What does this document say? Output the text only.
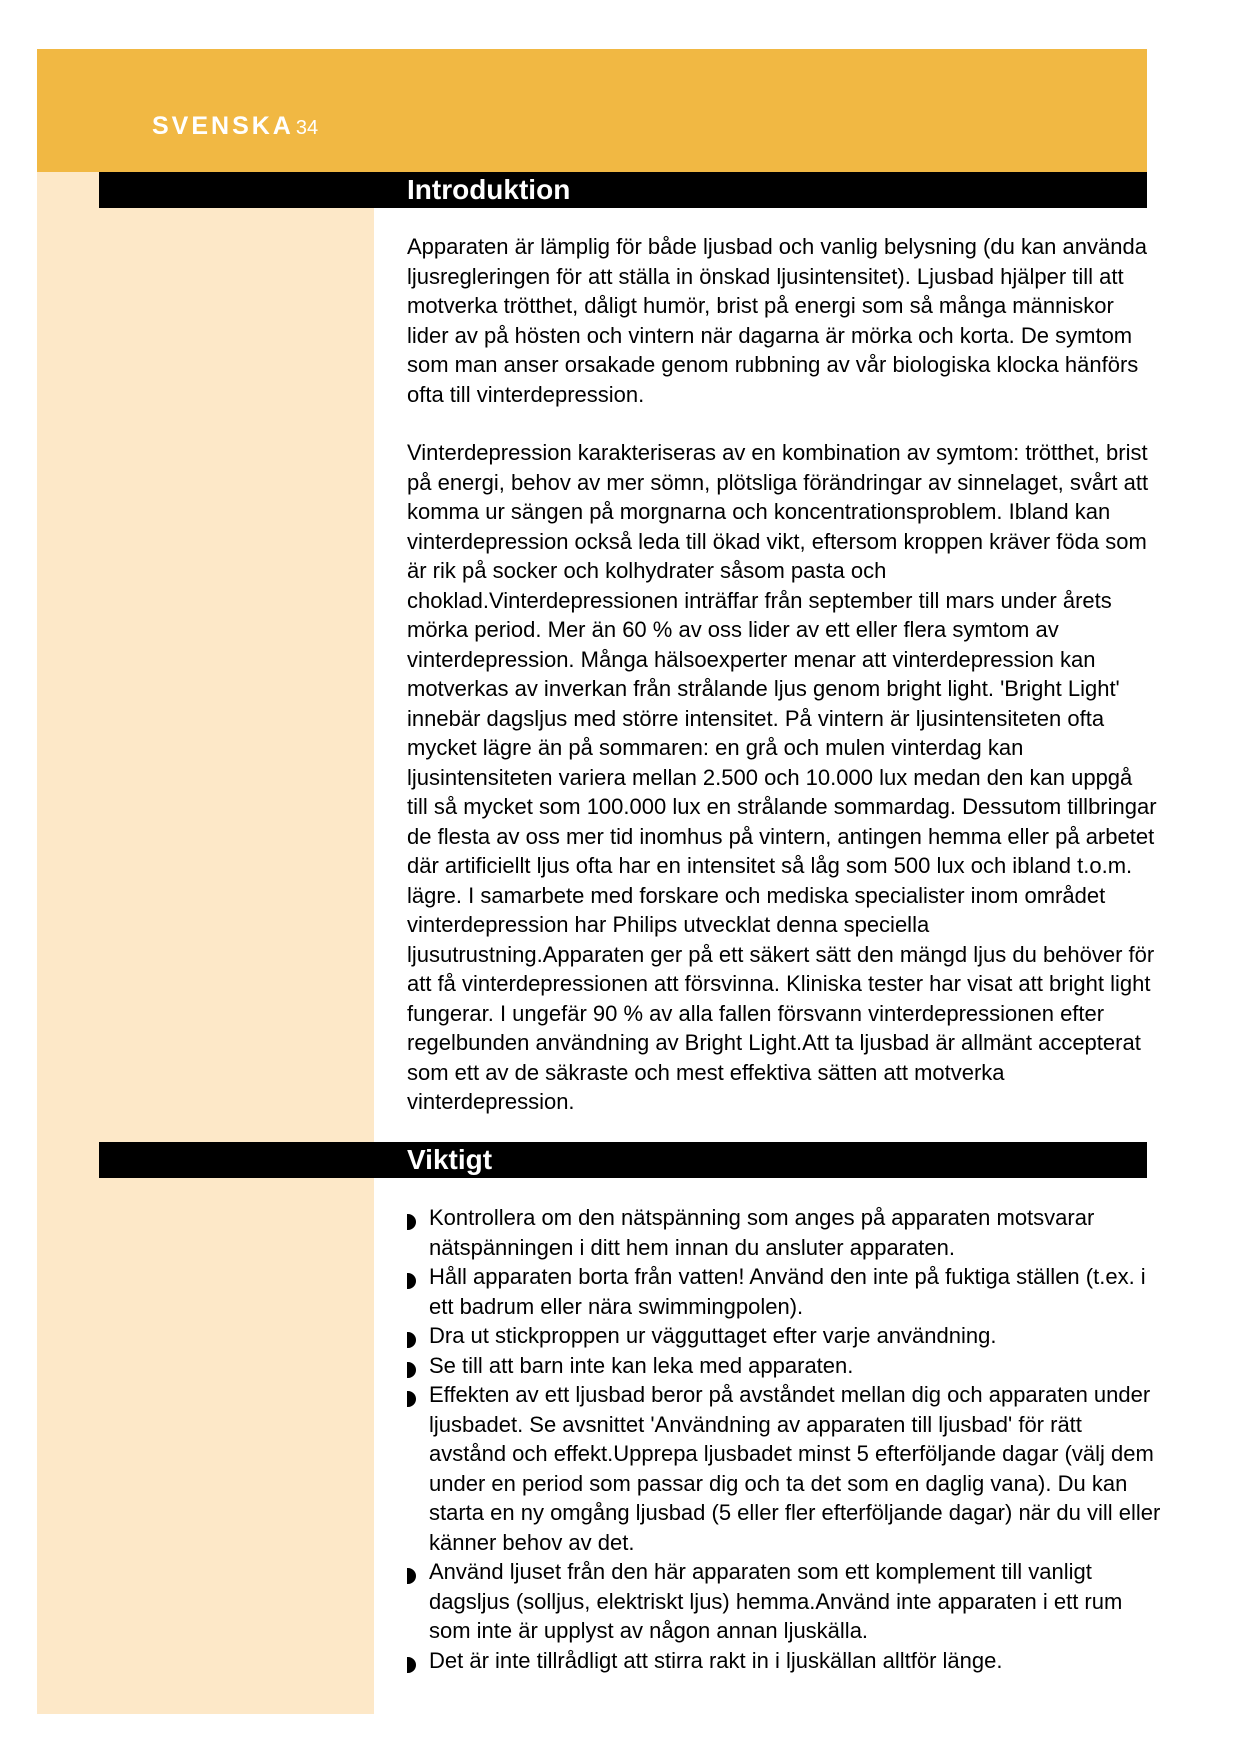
SVENSKA 34
Introduktion

Apparaten är lämplig för både ljusbad och vanlig belysning (du kan använda ljusregleringen för att ställa in önskad ljusintensitet). Ljusbad hjälper till att motverka trötthet, dåligt humör, brist på energi som så många människor lider av på hösten och vintern när dagarna är mörka och korta. De symtom som man anser orsakade genom rubbning av vår biologiska klocka hänförs ofta till vinterdepression.

Vinterdepression karakteriseras av en kombination av symtom: trötthet, brist på energi, behov av mer sömn, plötsliga förändringar av sinnelaget, svårt att komma ur sängen på morgnarna och koncentrationsproblem. Ibland kan vinterdepression också leda till ökad vikt, eftersom kroppen kräver föda som är rik på socker och kolhydrater såsom pasta och choklad.Vinterdepressionen inträffar från september till mars under årets mörka period. Mer än 60 % av oss lider av ett eller flera symtom av vinterdepression. Många hälsoexperter menar att vinterdepression kan motverkas av inverkan från strålande ljus genom bright light. 'Bright Light' innebär dagsljus med större intensitet. På vintern är ljusintensiteten ofta mycket lägre än på sommaren: en grå och mulen vinterdag kan ljusintensiteten variera mellan 2.500 och 10.000 lux medan den kan uppgå till så mycket som 100.000 lux en strålande sommardag. Dessutom tillbringar de flesta av oss mer tid inomhus på vintern, antingen hemma eller på arbetet där artificiellt ljus ofta har en intensitet så låg som 500 lux och ibland t.o.m. lägre. I samarbete med forskare och mediska specialister inom området vinterdepression har Philips utvecklat denna speciella ljusutrustning.Apparaten ger på ett säkert sätt den mängd ljus du behöver för att få vinterdepressionen att försvinna. Kliniska tester har visat att bright light fungerar. I ungefär 90 % av alla fallen försvann vinterdepressionen efter regelbunden användning av Bright Light.Att ta ljusbad är allmänt accepterat som ett av de säkraste och mest effektiva sätten att motverka vinterdepression.

Viktigt
Kontrollera om den nätspänning som anges på apparaten motsvarar nätspänningen i ditt hem innan du ansluter apparaten.
Håll apparaten borta från vatten! Använd den inte på fuktiga ställen (t.ex. i ett badrum eller nära swimmingpolen).
Dra ut stickproppen ur vägguttaget efter varje användning.
Se till att barn inte kan leka med apparaten.
Effekten av ett ljusbad beror på avståndet mellan dig och apparaten under ljusbadet. Se avsnittet 'Användning av apparaten till ljusbad' för rätt avstånd och effekt.Upprepa ljusbadet minst 5 efterföljande dagar (välj dem under en period som passar dig och ta det som en daglig vana). Du kan starta en ny omgång ljusbad (5 eller fler efterföljande dagar) när du vill eller känner behov av det.
Använd ljuset från den här apparaten som ett komplement till vanligt dagsljus (solljus, elektriskt ljus) hemma.Använd inte apparaten i ett rum som inte är upplyst av någon annan ljuskälla.
Det är inte tillrådligt att stirra rakt in i ljuskällan alltför länge.
